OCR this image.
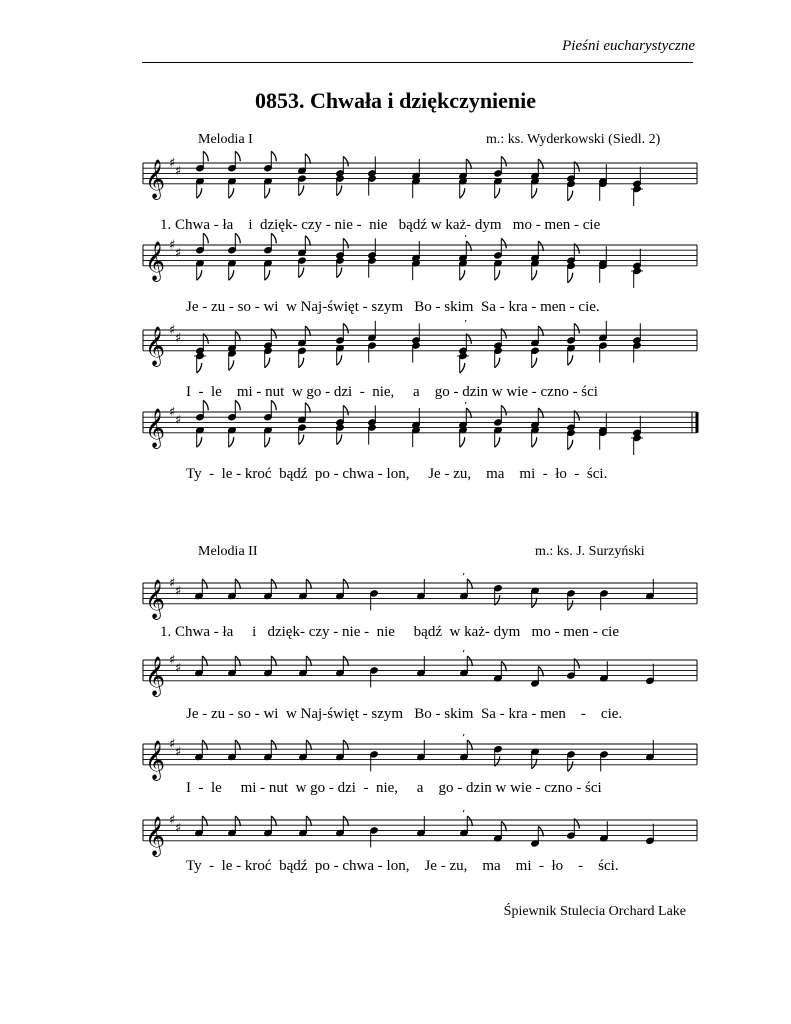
Pieśni eucharystyczne
0853. Chwała i dziękczynienie
Melodia I	m.: ks. Wyderkowski (Siedl. 2)
Melodia II	m.: ks. J. Surzyński
1. Chwa - ła    i  dzięk- czy - nie -  nie   bądź w każ- dym   mo - men - cie
Je - zu - so - wi  w Naj-święt - szym   Bo - skim  Sa - kra - men - cie.
I  -  le    mi - nut  w go - dzi  -  nie,     a    go - dzin w wie - czno - ści
Ty  -  le - kroć  bądź  po - chwa - lon,     Je - zu,    ma    mi  -  ło  -  ści.
1. Chwa - ła     i   dzięk- czy - nie -  nie     bądź  w każ- dym   mo - men - cie
Je - zu - so - wi  w Naj-święt - szym   Bo - skim  Sa - kra - men    -    cie.
I  -  le     mi - nut  w go - dzi  -  nie,     a    go - dzin w wie - czno - ści
Ty  -  le - kroć  bądź  po - chwa - lon,    Je - zu,    ma    mi  -  ło    -    ści.
Śpiewnik Stulecia Orchard Lake
𝄞 ♯
♯
𝄞 ♯
♯
’
𝄞 ♯
♯
’
𝄞 ♯
♯
’
𝄞 ♯
♯
’
𝄞 ♯
♯
’
𝄞 ♯
♯
’
𝄞 ♯
♯
’
